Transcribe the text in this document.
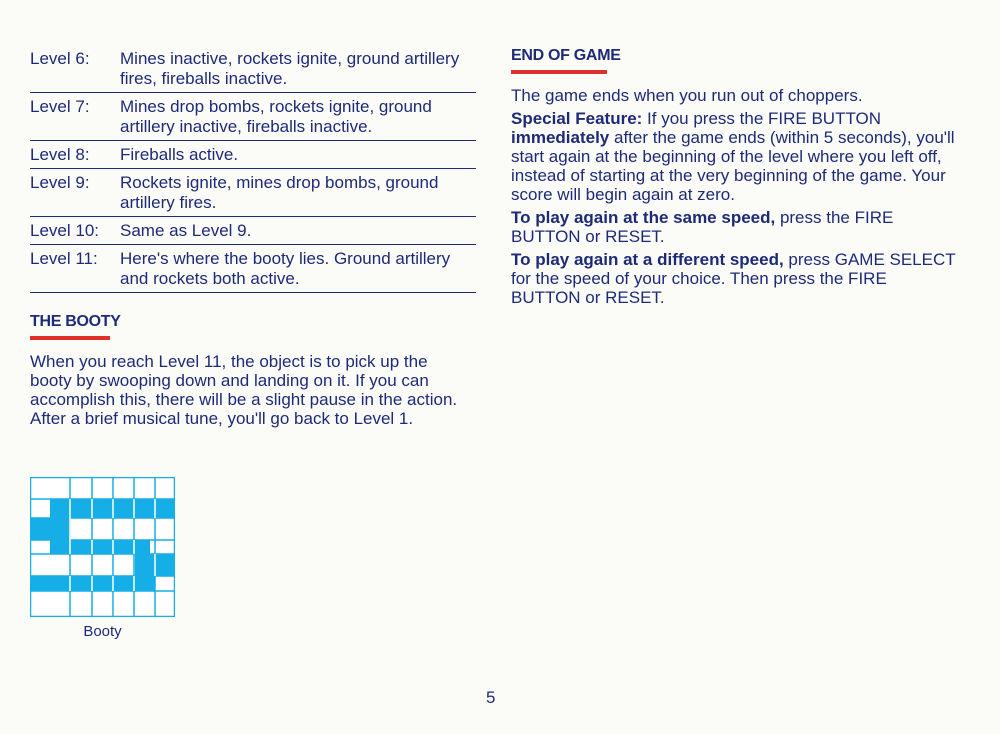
Level 6:	Mines inactive, rockets ignite, ground artillery fires, fireballs inactive.
Level 7:	Mines drop bombs, rockets ignite, ground artillery inactive, fireballs inactive.
Level 8:	Fireballs active.
Level 9:	Rockets ignite, mines drop bombs, ground artillery fires.
Level 10:	Same as Level 9.
Level 11:	Here's where the booty lies. Ground artillery and rockets both active.
THE BOOTY

When you reach Level 11, the object is to pick up the booty by swooping down and landing on it. If you can accomplish this, there will be a slight pause in the action. After a brief musical tune, you'll go back to Level 1.

Booty
END OF GAME

The game ends when you run out of choppers.

Special Feature: If you press the FIRE BUTTON immediately after the game ends (within 5 seconds), you'll start again at the beginning of the level where you left off, instead of starting at the very beginning of the game. Your score will begin again at zero.

To play again at the same speed, press the FIRE BUTTON or RESET.

To play again at a different speed, press GAME SELECT for the speed of your choice. Then press the FIRE BUTTON or RESET.

5
